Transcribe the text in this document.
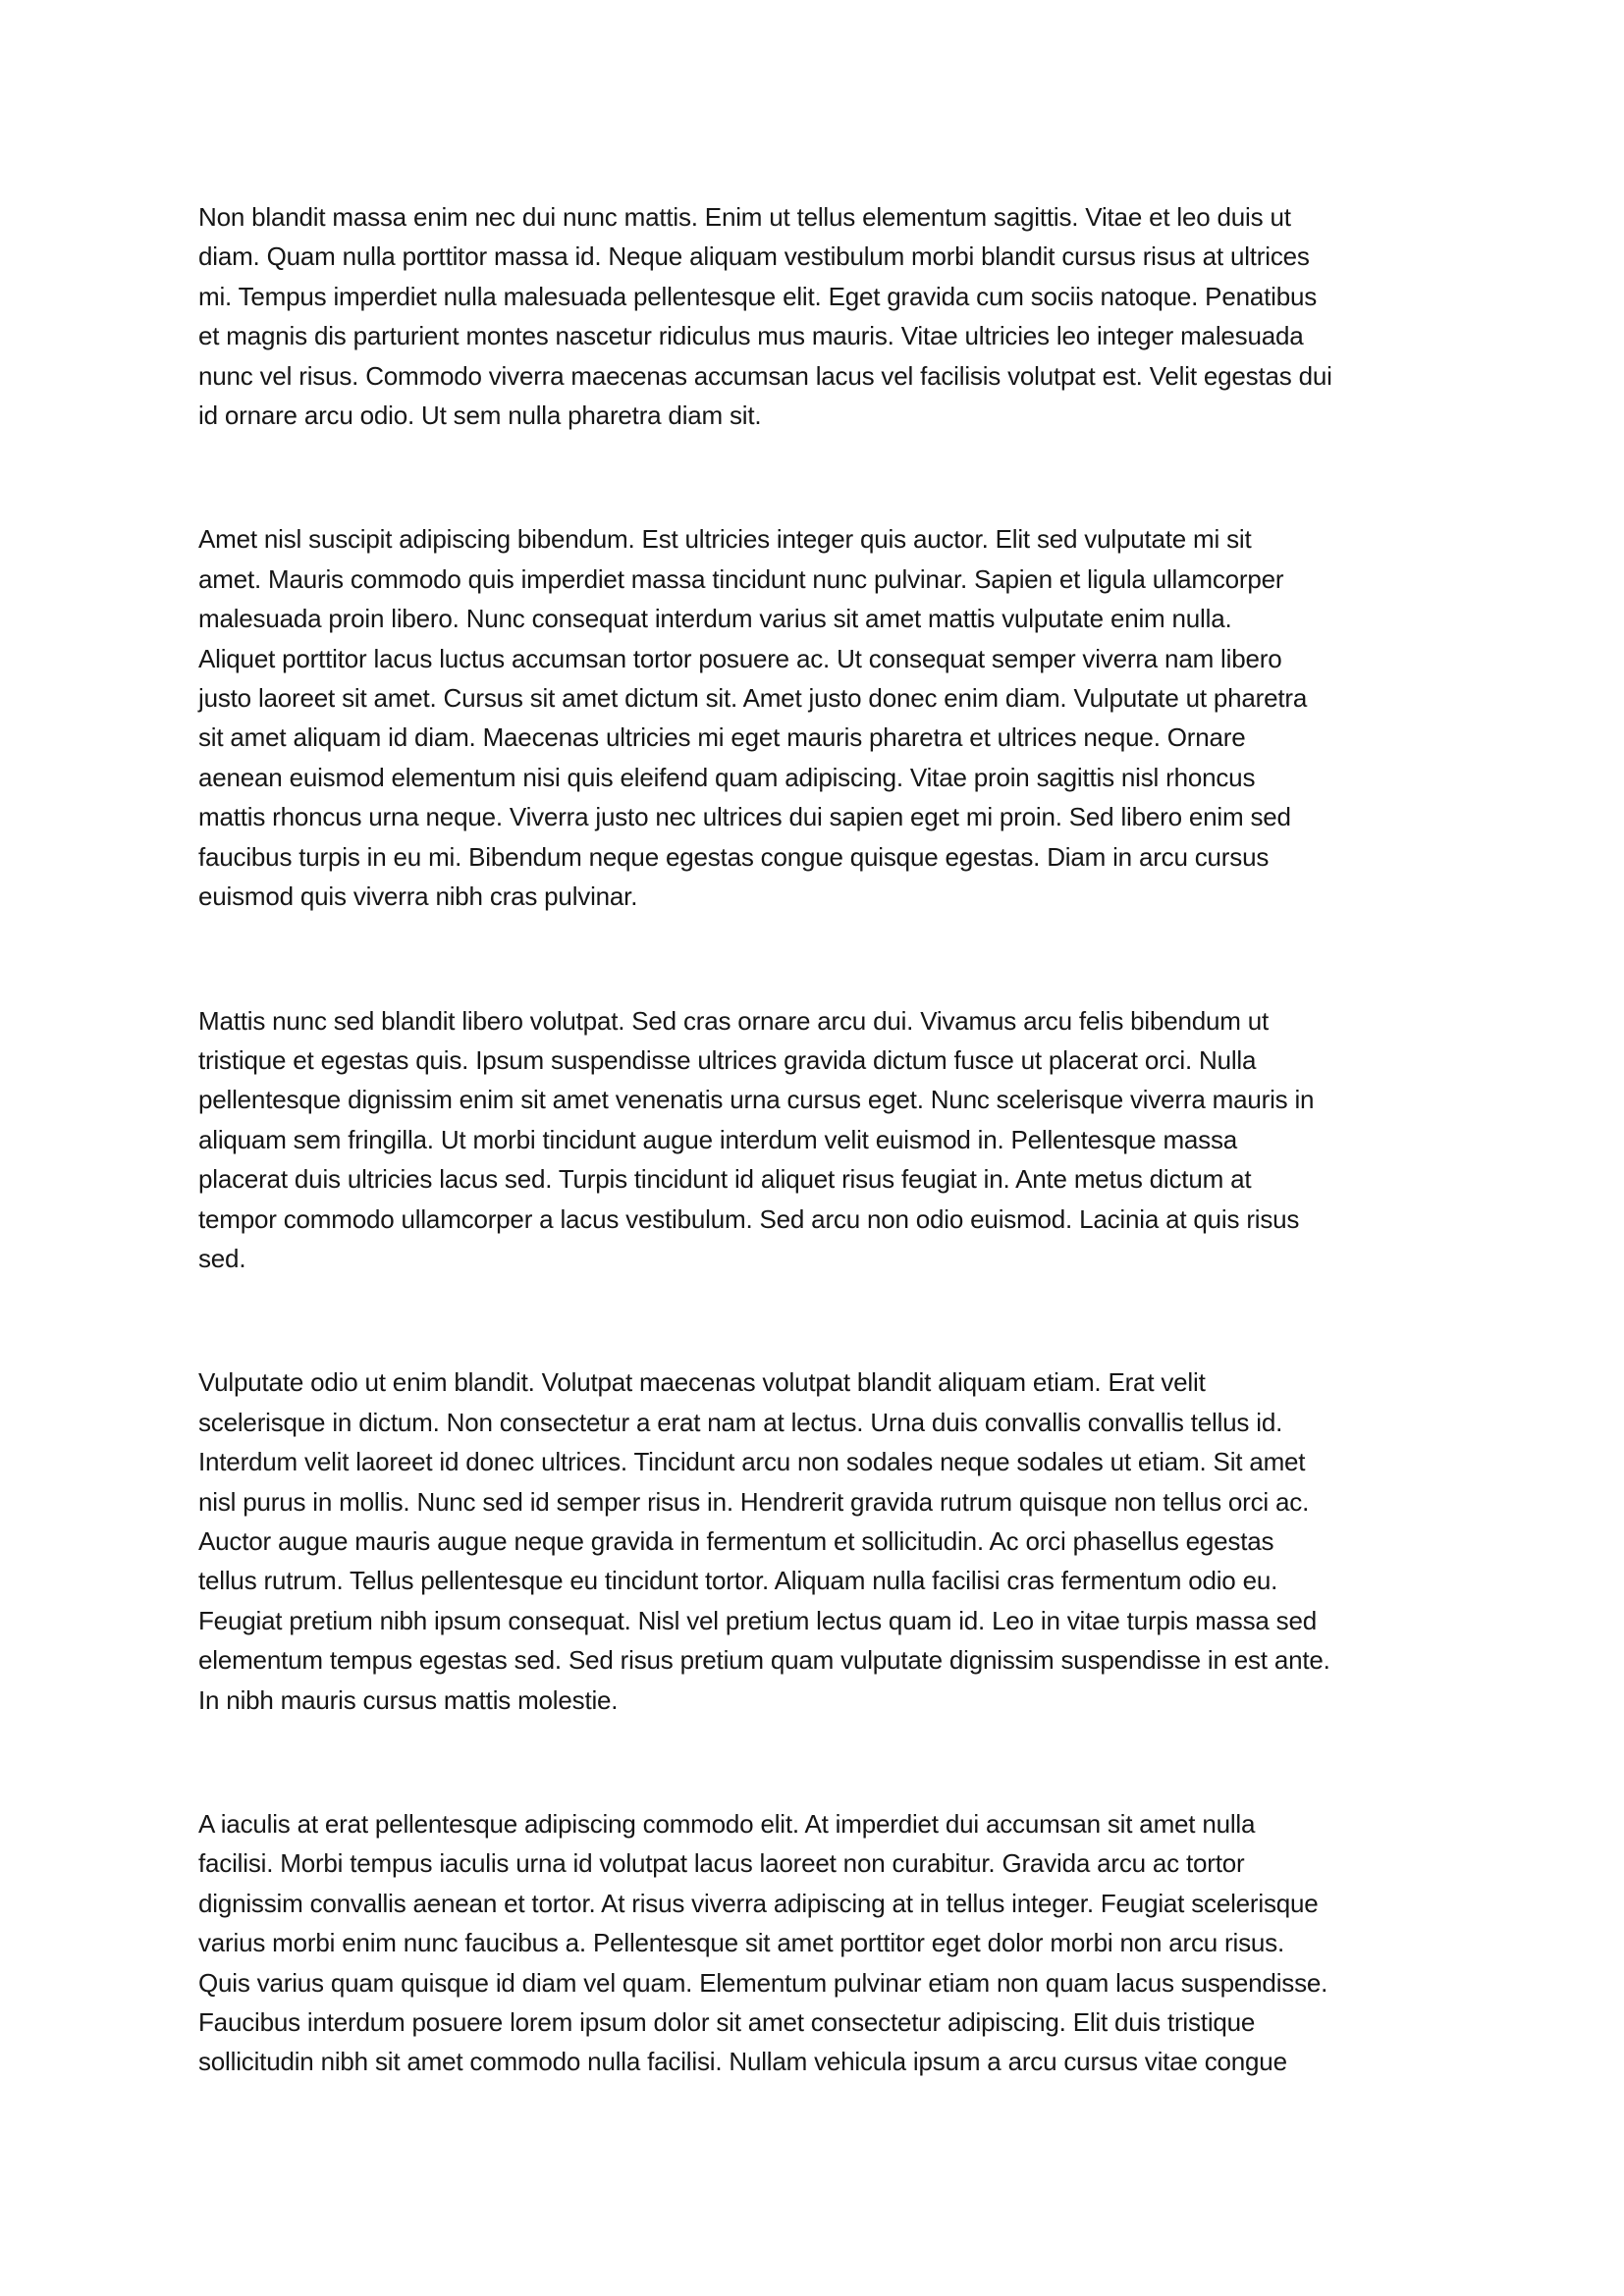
Non blandit massa enim nec dui nunc mattis. Enim ut tellus elementum sagittis. Vitae et leo duis ut
diam. Quam nulla porttitor massa id. Neque aliquam vestibulum morbi blandit cursus risus at ultrices
mi. Tempus imperdiet nulla malesuada pellentesque elit. Eget gravida cum sociis natoque. Penatibus
et magnis dis parturient montes nascetur ridiculus mus mauris. Vitae ultricies leo integer malesuada
nunc vel risus. Commodo viverra maecenas accumsan lacus vel facilisis volutpat est. Velit egestas dui
id ornare arcu odio. Ut sem nulla pharetra diam sit.

Amet nisl suscipit adipiscing bibendum. Est ultricies integer quis auctor. Elit sed vulputate mi sit
amet. Mauris commodo quis imperdiet massa tincidunt nunc pulvinar. Sapien et ligula ullamcorper
malesuada proin libero. Nunc consequat interdum varius sit amet mattis vulputate enim nulla.
Aliquet porttitor lacus luctus accumsan tortor posuere ac. Ut consequat semper viverra nam libero
justo laoreet sit amet. Cursus sit amet dictum sit. Amet justo donec enim diam. Vulputate ut pharetra
sit amet aliquam id diam. Maecenas ultricies mi eget mauris pharetra et ultrices neque. Ornare
aenean euismod elementum nisi quis eleifend quam adipiscing. Vitae proin sagittis nisl rhoncus
mattis rhoncus urna neque. Viverra justo nec ultrices dui sapien eget mi proin. Sed libero enim sed
faucibus turpis in eu mi. Bibendum neque egestas congue quisque egestas. Diam in arcu cursus
euismod quis viverra nibh cras pulvinar.

Mattis nunc sed blandit libero volutpat. Sed cras ornare arcu dui. Vivamus arcu felis bibendum ut
tristique et egestas quis. Ipsum suspendisse ultrices gravida dictum fusce ut placerat orci. Nulla
pellentesque dignissim enim sit amet venenatis urna cursus eget. Nunc scelerisque viverra mauris in
aliquam sem fringilla. Ut morbi tincidunt augue interdum velit euismod in. Pellentesque massa
placerat duis ultricies lacus sed. Turpis tincidunt id aliquet risus feugiat in. Ante metus dictum at
tempor commodo ullamcorper a lacus vestibulum. Sed arcu non odio euismod. Lacinia at quis risus
sed.

Vulputate odio ut enim blandit. Volutpat maecenas volutpat blandit aliquam etiam. Erat velit
scelerisque in dictum. Non consectetur a erat nam at lectus. Urna duis convallis convallis tellus id.
Interdum velit laoreet id donec ultrices. Tincidunt arcu non sodales neque sodales ut etiam. Sit amet
nisl purus in mollis. Nunc sed id semper risus in. Hendrerit gravida rutrum quisque non tellus orci ac.
Auctor augue mauris augue neque gravida in fermentum et sollicitudin. Ac orci phasellus egestas
tellus rutrum. Tellus pellentesque eu tincidunt tortor. Aliquam nulla facilisi cras fermentum odio eu.
Feugiat pretium nibh ipsum consequat. Nisl vel pretium lectus quam id. Leo in vitae turpis massa sed
elementum tempus egestas sed. Sed risus pretium quam vulputate dignissim suspendisse in est ante.
In nibh mauris cursus mattis molestie.

A iaculis at erat pellentesque adipiscing commodo elit. At imperdiet dui accumsan sit amet nulla
facilisi. Morbi tempus iaculis urna id volutpat lacus laoreet non curabitur. Gravida arcu ac tortor
dignissim convallis aenean et tortor. At risus viverra adipiscing at in tellus integer. Feugiat scelerisque
varius morbi enim nunc faucibus a. Pellentesque sit amet porttitor eget dolor morbi non arcu risus.
Quis varius quam quisque id diam vel quam. Elementum pulvinar etiam non quam lacus suspendisse.
Faucibus interdum posuere lorem ipsum dolor sit amet consectetur adipiscing. Elit duis tristique
sollicitudin nibh sit amet commodo nulla facilisi. Nullam vehicula ipsum a arcu cursus vitae congue
